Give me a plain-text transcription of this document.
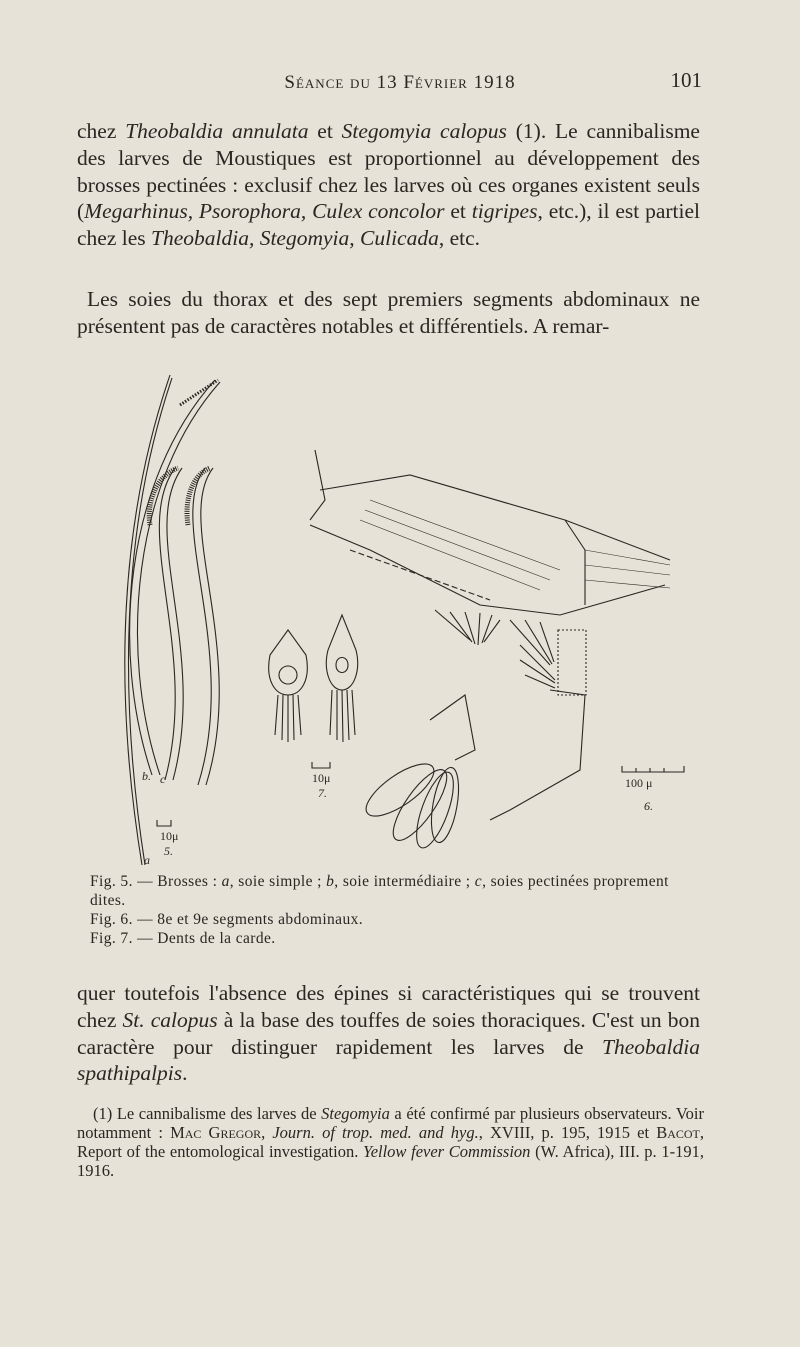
Séance du 13 Février 1918	101

chez Theobaldia annulata et Stegomyia calopus (1). Le cannibalisme des larves de Moustiques est proportionnel au développement des brosses pectinées : exclusif chez les larves où ces organes existent seuls (Megarhinus, Psorophora, Culex concolor et tigripes, etc.), il est partiel chez les Theobaldia, Stegomyia, Culicada, etc.

Les soies du thorax et des sept premiers segments abdominaux ne présentent pas de caractères notables et différentiels. A remar-

b. c
a
10μ
5.
10μ
7.
100 μ
6.

Fig. 5. — Brosses : a, soie simple ; b, soie intermédiaire ; c, soies pectinées proprement dites.

Fig. 6. — 8e et 9e segments abdominaux.

Fig. 7. — Dents de la carde.

quer toutefois l'absence des épines si caractéristiques qui se trouvent chez St. calopus à la base des touffes de soies thoraciques. C'est un bon caractère pour distinguer rapidement les larves de Theobaldia spathipalpis.

(1) Le cannibalisme des larves de Stegomyia a été confirmé par plusieurs observateurs. Voir notamment : Mac Gregor, Journ. of trop. med. and hyg., XVIII, p. 195, 1915 et Bacot, Report of the entomological investigation. Yellow fever Commission (W. Africa), III. p. 1-191, 1916.
